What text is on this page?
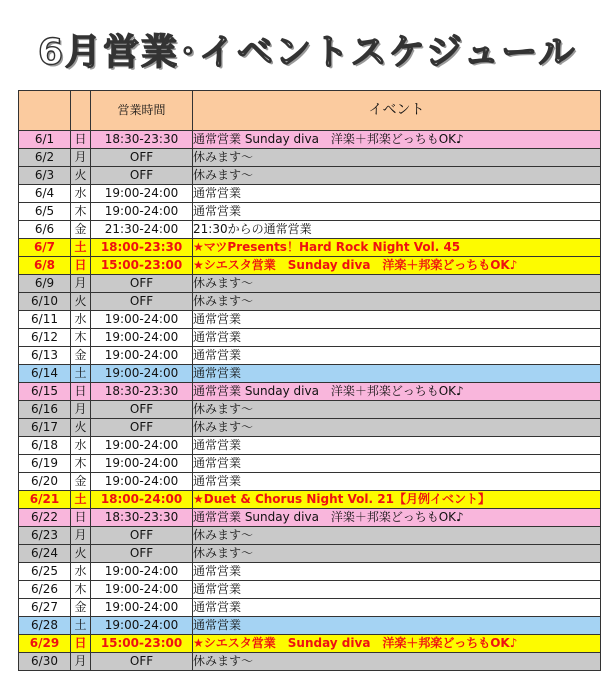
6月営業･イベントスケジュール
		営業時間	イベント
6/1	日	18:30-23:30	通常営業 Sunday diva　洋楽＋邦楽どっちもOK♪
6/2	月	OFF	休みます～
6/3	火	OFF	休みます～
6/4	水	19:00-24:00	通常営業
6/5	木	19:00-24:00	通常営業
6/6	金	21:30-24:00	21:30からの通常営業
6/7	土	18:00-23:30	★マツPresents！Hard Rock Night Vol. 45
6/8	日	15:00-23:00	★シエスタ営業　Sunday diva　洋楽＋邦楽どっちもOK♪
6/9	月	OFF	休みます～
6/10	火	OFF	休みます～
6/11	水	19:00-24:00	通常営業
6/12	木	19:00-24:00	通常営業
6/13	金	19:00-24:00	通常営業
6/14	土	19:00-24:00	通常営業
6/15	日	18:30-23:30	通常営業 Sunday diva　洋楽＋邦楽どっちもOK♪
6/16	月	OFF	休みます～
6/17	火	OFF	休みます～
6/18	水	19:00-24:00	通常営業
6/19	木	19:00-24:00	通常営業
6/20	金	19:00-24:00	通常営業
6/21	土	18:00-24:00	★Duet & Chorus Night Vol. 21【月例イベント】
6/22	日	18:30-23:30	通常営業 Sunday diva　洋楽＋邦楽どっちもOK♪
6/23	月	OFF	休みます～
6/24	火	OFF	休みます～
6/25	水	19:00-24:00	通常営業
6/26	木	19:00-24:00	通常営業
6/27	金	19:00-24:00	通常営業
6/28	土	19:00-24:00	通常営業
6/29	日	15:00-23:00	★シエスタ営業　Sunday diva　洋楽＋邦楽どっちもOK♪
6/30	月	OFF	休みます～
